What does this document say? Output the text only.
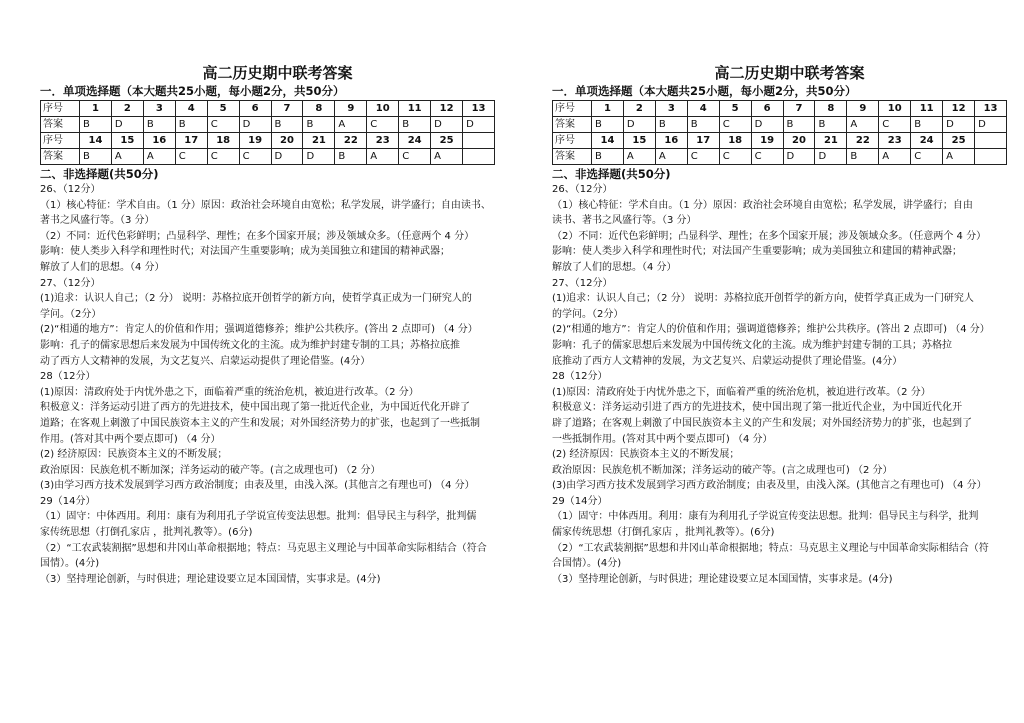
高二历史期中联考答案
一．单项选择题（本大题共25小题，每小题2分，共50分）
序号	1	2	3	4	5	6	7	8	9	10	11	12	13
答案	B	D	B	B	C	D	B	B	A	C	B	D	D
序号	14	15	16	17	18	19	20	21	22	23	24	25	
答案	B	A	A	C	C	C	D	D	B	A	C	A	
二、非选择题(共50分)

26、（12分）

（1）核心特征：学术自由。（1 分）原因：政治社会环境自由宽松；私学发展，讲学盛行；自由读书、

著书之风盛行等。（3 分）

（2）不同：近代色彩鲜明；凸显科学、理性；在多个国家开展；涉及领域众多。（任意两个 4 分）

影响：使人类步入科学和理性时代；对法国产生重要影响；成为美国独立和建国的精神武器；

解放了人们的思想。（4 分）

27、（12分）

(1)追求：认识人自己；（2 分） 说明：苏格拉底开创哲学的新方向，使哲学真正成为一门研究人的

学问。（2分）

(2)“相通的地方”：肯定人的价值和作用；强调道德修养；维护公共秩序。(答出 2 点即可) （4 分）

影响：孔子的儒家思想后来发展为中国传统文化的主流。成为维护封建专制的工具；苏格拉底推

动了西方人文精神的发展，为文艺复兴、启蒙运动提供了理论借鉴。(4分）

28（12分）

(1)原因：清政府处于内忧外患之下，面临着严重的统治危机，被迫进行改革。（2 分）

积极意义：洋务运动引进了西方的先进技术，使中国出现了第一批近代企业，为中国近代化开辟了

道路；在客观上刺激了中国民族资本主义的产生和发展；对外国经济势力的扩张，也起到了一些抵制

作用。(答对其中两个要点即可) （4 分）

(2) 经济原因：民族资本主义的不断发展；

政治原因：民族危机不断加深；洋务运动的破产等。(言之成理也可) （2 分）

(3)由学习西方技术发展到学习西方政治制度；由表及里，由浅入深。(其他言之有理也可) （4 分）

29（14分）

（1）固守：中体西用。利用：康有为利用孔子学说宣传变法思想。批判：倡导民主与科学，批判儒

家传统思想（打倒孔家店 ，批判礼教等）。(6分)

（2）“工农武装割据”思想和井冈山革命根据地；特点：马克思主义理论与中国革命实际相结合（符合

国情）。(4分)

（3）坚持理论创新，与时俱进；理论建设要立足本国国情，实事求是。(4分)

高二历史期中联考答案
一．单项选择题（本大题共25小题，每小题2分，共50分）
序号	1	2	3	4	5	6	7	8	9	10	11	12	13
答案	B	D	B	B	C	D	B	B	A	C	B	D	D
序号	14	15	16	17	18	19	20	21	22	23	24	25	
答案	B	A	A	C	C	C	D	D	B	A	C	A	
二、非选择题(共50分)

26、（12分）

（1）核心特征：学术自由。（1 分）原因：政治社会环境自由宽松；私学发展，讲学盛行；自由

读书、著书之风盛行等。（3 分）

（2）不同：近代色彩鲜明；凸显科学、理性；在多个国家开展；涉及领域众多。（任意两个 4 分）

影响：使人类步入科学和理性时代；对法国产生重要影响；成为美国独立和建国的精神武器；

解放了人们的思想。（4 分）

27、（12分）

(1)追求：认识人自己；（2 分） 说明：苏格拉底开创哲学的新方向，使哲学真正成为一门研究人

的学问。（2分）

(2)“相通的地方”：肯定人的价值和作用；强调道德修养；维护公共秩序。(答出 2 点即可) （4 分）

影响：孔子的儒家思想后来发展为中国传统文化的主流。成为维护封建专制的工具；苏格拉

底推动了西方人文精神的发展，为文艺复兴、启蒙运动提供了理论借鉴。(4分）

28（12分）

(1)原因：清政府处于内忧外患之下，面临着严重的统治危机，被迫进行改革。（2 分）

积极意义：洋务运动引进了西方的先进技术，使中国出现了第一批近代企业，为中国近代化开

辟了道路；在客观上刺激了中国民族资本主义的产生和发展；对外国经济势力的扩张，也起到了

一些抵制作用。(答对其中两个要点即可) （4 分）

(2) 经济原因：民族资本主义的不断发展；

政治原因：民族危机不断加深；洋务运动的破产等。(言之成理也可) （2 分）

(3)由学习西方技术发展到学习西方政治制度；由表及里，由浅入深。(其他言之有理也可) （4 分）

29（14分）

（1）固守：中体西用。利用：康有为利用孔子学说宣传变法思想。批判：倡导民主与科学，批判

儒家传统思想（打倒孔家店 ，批判礼教等）。(6分)

（2）“工农武装割据”思想和井冈山革命根据地；特点：马克思主义理论与中国革命实际相结合（符

合国情）。(4分)

（3）坚持理论创新，与时俱进；理论建设要立足本国国情，实事求是。(4分)
